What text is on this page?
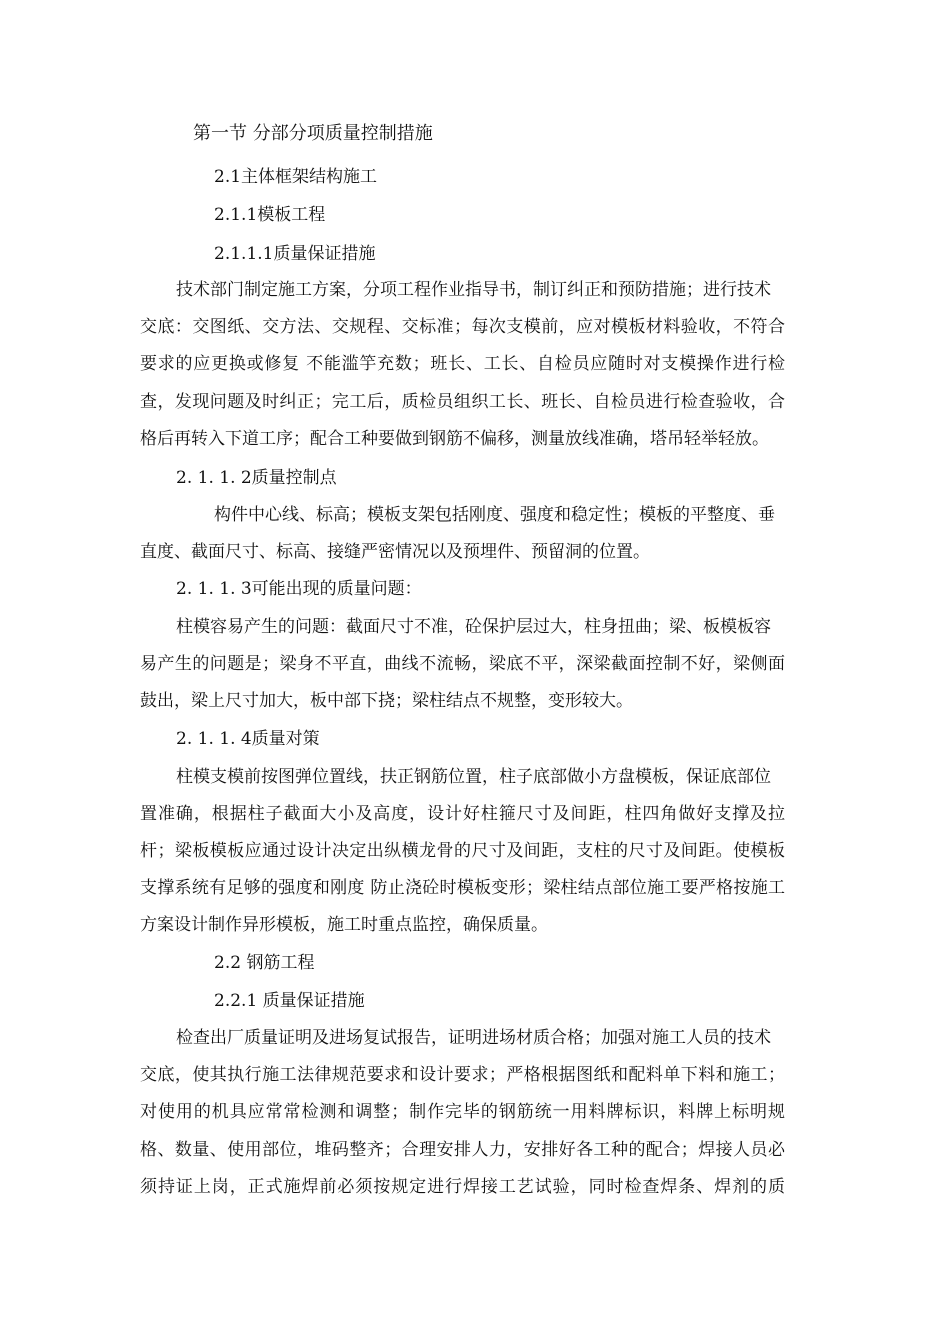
第一节 分部分项质量控制措施
2.1主体框架结构施工
2.1.1模板工程
2.1.1.1质量保证措施
技术部门制定施工方案，分项工程作业指导书，制订纠正和预防措施；进行技术
交底：交图纸、交方法、交规程、交标准；每次支模前，应对模板材料验收，不符合
要求的应更换或修复 不能滥竽充数；班长、工长、自检员应随时对支模操作进行检
查，发现问题及时纠正；完工后，质检员组织工长、班长、自检员进行检查验收，合
格后再转入下道工序；配合工种要做到钢筋不偏移，测量放线准确，塔吊轻举轻放。
2. 1. 1. 2质量控制点
构件中心线、标高；模板支架包括刚度、强度和稳定性；模板的平整度、垂
直度、截面尺寸、标高、接缝严密情况以及预埋件、预留洞的位置。
2. 1. 1. 3可能出现的质量问题：
柱模容易产生的问题：截面尺寸不准，砼保护层过大，柱身扭曲；梁、板模板容
易产生的问题是；梁身不平直，曲线不流畅，梁底不平，深梁截面控制不好，梁侧面
鼓出，梁上尺寸加大，板中部下挠；梁柱结点不规整，变形较大。
2. 1. 1. 4质量对策
柱模支模前按图弹位置线，扶正钢筋位置，柱子底部做小方盘模板，保证底部位
置准确，根据柱子截面大小及高度，设计好柱箍尺寸及间距，柱四角做好支撑及拉
杆；梁板模板应通过设计决定出纵横龙骨的尺寸及间距，支柱的尺寸及间距。使模板
支撑系统有足够的强度和刚度 防止浇砼时模板变形；梁柱结点部位施工要严格按施工
方案设计制作异形模板，施工时重点监控，确保质量。
2.2 钢筋工程
2.2.1 质量保证措施
检查出厂质量证明及进场复试报告，证明进场材质合格；加强对施工人员的技术
交底，使其执行施工法律规范要求和设计要求；严格根据图纸和配料单下料和施工；
对使用的机具应常常检测和调整；制作完毕的钢筋统一用料牌标识，料牌上标明规
格、数量、使用部位，堆码整齐；合理安排人力，安排好各工种的配合；焊接人员必
须持证上岗，正式施焊前必须按规定进行焊接工艺试验，同时检查焊条、焊剂的质
